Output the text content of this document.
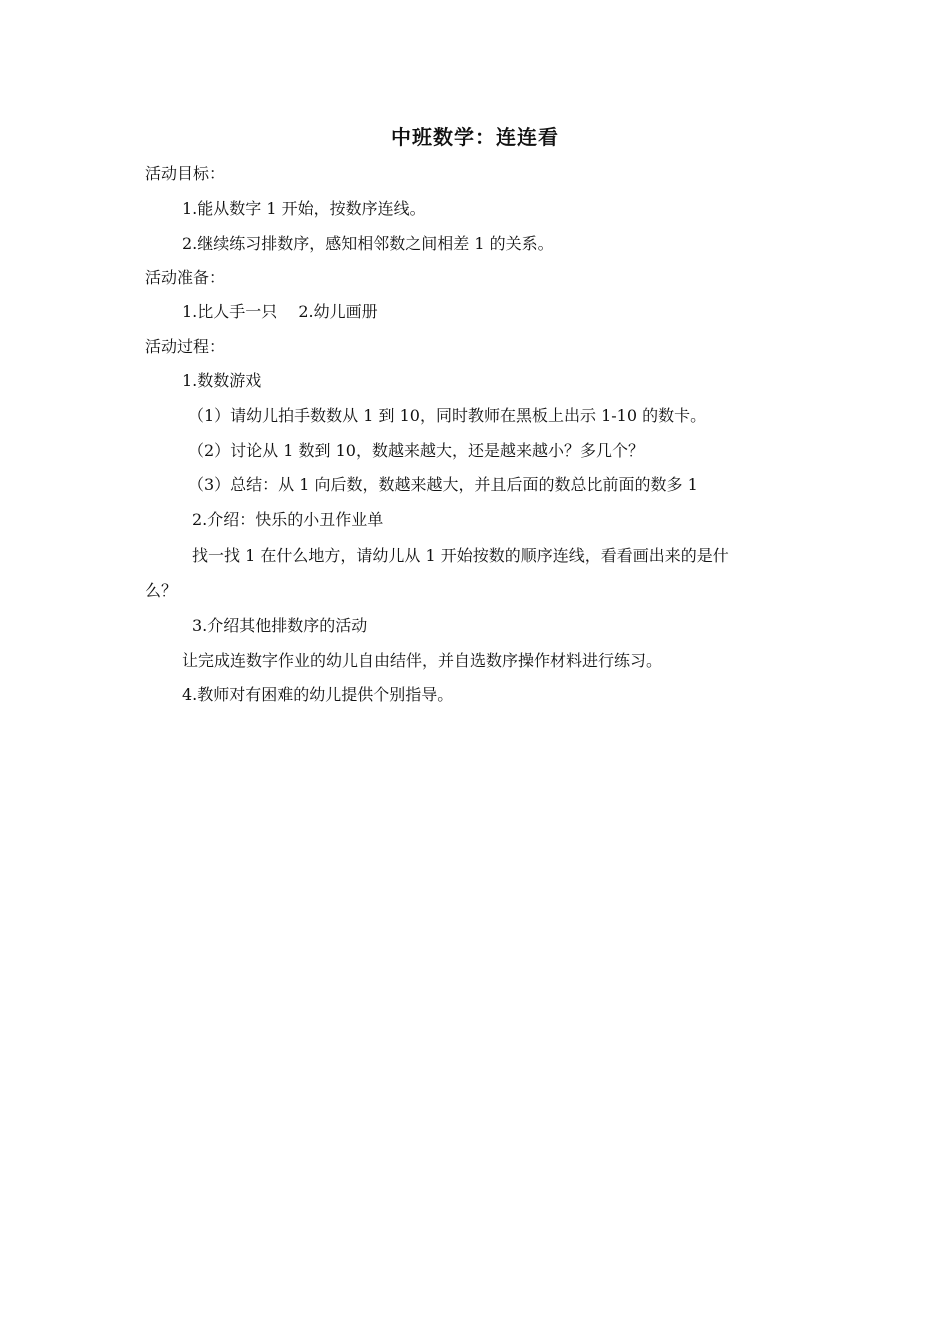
中班数学：连连看
活动目标：
1.能从数字 1 开始，按数序连线。
2.继续练习排数序，感知相邻数之间相差 1 的关系。
活动准备：
1.比人手一只　 2.幼儿画册
活动过程：
1.数数游戏
（1）请幼儿拍手数数从 1 到 10，同时教师在黑板上出示 1-10 的数卡。
（2）讨论从 1 数到 10，数越来越大，还是越来越小？多几个？
（3）总结：从 1 向后数，数越来越大，并且后面的数总比前面的数多 1
2.介绍：快乐的小丑作业单
找一找 1 在什么地方，请幼儿从 1 开始按数的顺序连线，看看画出来的是什
么？
3.介绍其他排数序的活动
让完成连数字作业的幼儿自由结伴，并自选数序操作材料进行练习。
4.教师对有困难的幼儿提供个别指导。
